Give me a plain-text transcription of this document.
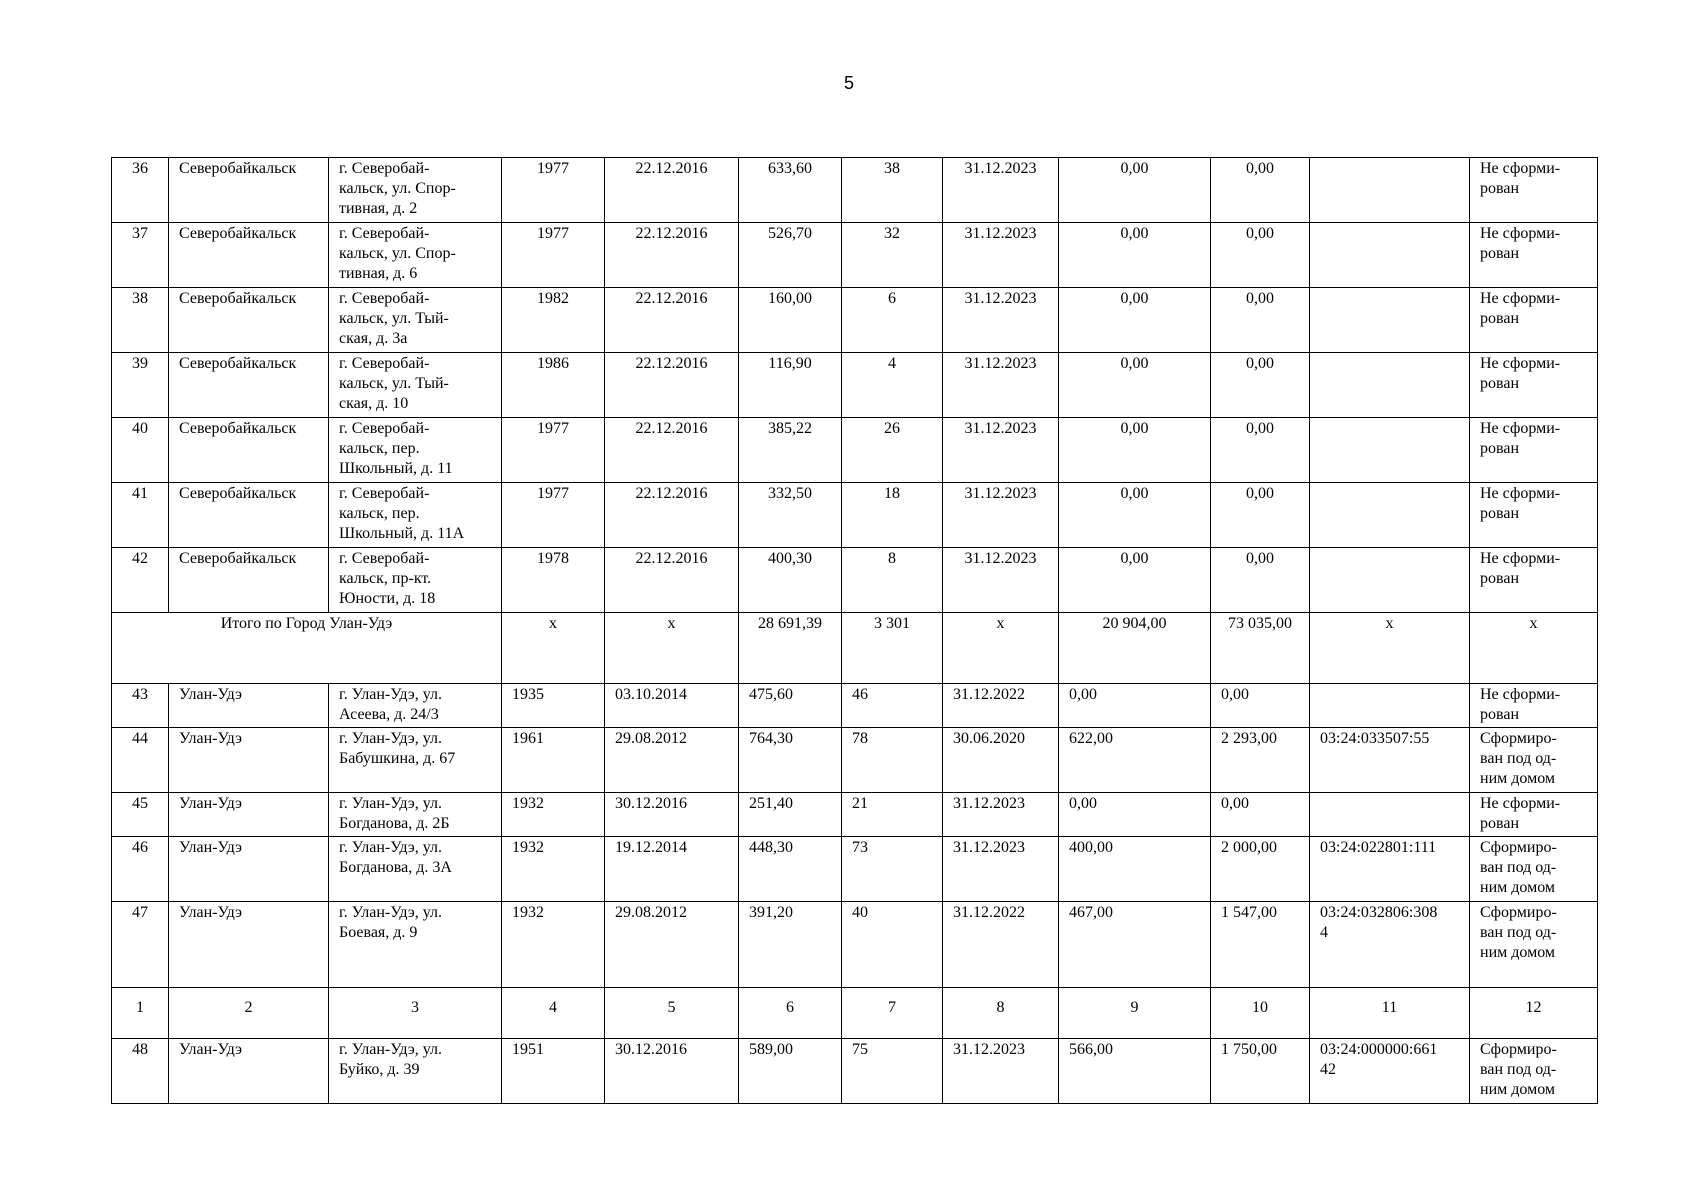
5
36	Северобайкальск	г. Северобай-
кальск, ул. Спор-
тивная, д. 2	1977	22.12.2016	633,60	38	31.12.2023	0,00	0,00		Не сформи-
рован
37	Северобайкальск	г. Северобай-
кальск, ул. Спор-
тивная, д. 6	1977	22.12.2016	526,70	32	31.12.2023	0,00	0,00		Не сформи-
рован
38	Северобайкальск	г. Северобай-
кальск, ул. Тый-
ская, д. 3а	1982	22.12.2016	160,00	6	31.12.2023	0,00	0,00		Не сформи-
рован
39	Северобайкальск	г. Северобай-
кальск, ул. Тый-
ская, д. 10	1986	22.12.2016	116,90	4	31.12.2023	0,00	0,00		Не сформи-
рован
40	Северобайкальск	г. Северобай-
кальск, пер.
Школьный, д. 11	1977	22.12.2016	385,22	26	31.12.2023	0,00	0,00		Не сформи-
рован
41	Северобайкальск	г. Северобай-
кальск, пер.
Школьный, д. 11А	1977	22.12.2016	332,50	18	31.12.2023	0,00	0,00		Не сформи-
рован
42	Северобайкальск	г. Северобай-
кальск, пр-кт.
Юности, д. 18	1978	22.12.2016	400,30	8	31.12.2023	0,00	0,00		Не сформи-
рован
Итого по Город Улан-Удэ			х	х	28 691,39	3 301	х	20 904,00	73 035,00	х	х
43	Улан-Удэ	г. Улан-Удэ, ул.
Асеева, д. 24/3	1935	03.10.2014	475,60	46	31.12.2022	0,00	0,00		Не сформи-
рован
44	Улан-Удэ	г. Улан-Удэ, ул.
Бабушкина, д. 67	1961	29.08.2012	764,30	78	30.06.2020	622,00	2 293,00	03:24:033507:55	Сформиро-
ван под од-
ним домом
45	Улан-Удэ	г. Улан-Удэ, ул.
Богданова, д. 2Б	1932	30.12.2016	251,40	21	31.12.2023	0,00	0,00		Не сформи-
рован
46	Улан-Удэ	г. Улан-Удэ, ул.
Богданова, д. 3А	1932	19.12.2014	448,30	73	31.12.2023	400,00	2 000,00	03:24:022801:111	Сформиро-
ван под од-
ним домом
47	Улан-Удэ	г. Улан-Удэ, ул.
Боевая, д. 9	1932	29.08.2012	391,20	40	31.12.2022	467,00	1 547,00	03:24:032806:308
4	Сформиро-
ван под од-
ним домом
1	2	3	4	5	6	7	8	9	10	11	12
48	Улан-Удэ	г. Улан-Удэ, ул.
Буйко, д. 39	1951	30.12.2016	589,00	75	31.12.2023	566,00	1 750,00	03:24:000000:661
42	Сформиро-
ван под од-
ним домом
